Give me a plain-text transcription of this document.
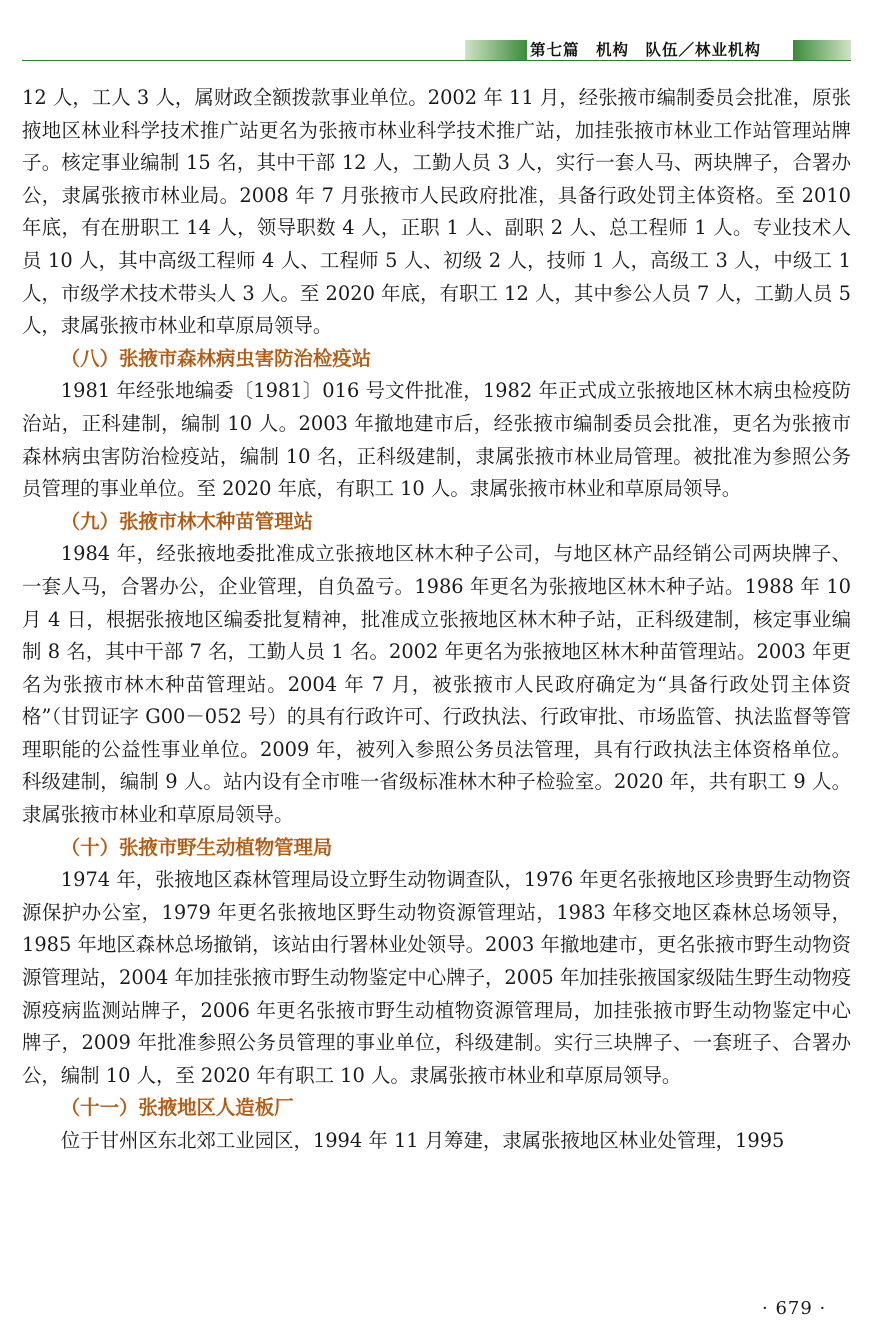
第七篇　机构　队伍／林业机构

12 人，工人 3 人，属财政全额拨款事业单位。2002 年 11 月，经张掖市编制委员会批准，原张掖地区林业科学技术推广站更名为张掖市林业科学技术推广站，加挂张掖市林业工作站管理站牌子。核定事业编制 15 名，其中干部 12 人，工勤人员 3 人，实行一套人马、两块牌子，合署办公，隶属张掖市林业局。2008 年 7 月张掖市人民政府批准，具备行政处罚主体资格。至 2010 年底，有在册职工 14 人，领导职数 4 人，正职 1 人、副职 2 人、总工程师 1 人。专业技术人员 10 人，其中高级工程师 4 人、工程师 5 人、初级 2 人，技师 1 人，高级工 3 人，中级工 1 人，市级学术技术带头人 3 人。至 2020 年底，有职工 12 人，其中参公人员 7 人，工勤人员 5 人，隶属张掖市林业和草原局领导。

（八）张掖市森林病虫害防治检疫站

1981 年经张地编委〔1981〕016 号文件批准，1982 年正式成立张掖地区林木病虫检疫防治站，正科建制，编制 10 人。2003 年撤地建市后，经张掖市编制委员会批准，更名为张掖市森林病虫害防治检疫站，编制 10 名，正科级建制，隶属张掖市林业局管理。被批准为参照公务员管理的事业单位。至 2020 年底，有职工 10 人。隶属张掖市林业和草原局领导。

（九）张掖市林木种苗管理站

1984 年，经张掖地委批准成立张掖地区林木种子公司，与地区林产品经销公司两块牌子、一套人马，合署办公，企业管理，自负盈亏。1986 年更名为张掖地区林木种子站。1988 年 10 月 4 日，根据张掖地区编委批复精神，批准成立张掖地区林木种子站，正科级建制，核定事业编制 8 名，其中干部 7 名，工勤人员 1 名。2002 年更名为张掖地区林木种苗管理站。2003 年更名为张掖市林木种苗管理站。2004 年 7 月，被张掖市人民政府确定为“具备行政处罚主体资格”（甘罚证字 G00－052 号）的具有行政许可、行政执法、行政审批、市场监管、执法监督等管理职能的公益性事业单位。2009 年，被列入参照公务员法管理，具有行政执法主体资格单位。科级建制，编制 9 人。站内设有全市唯一省级标准林木种子检验室。2020 年，共有职工 9 人。隶属张掖市林业和草原局领导。

（十）张掖市野生动植物管理局

1974 年，张掖地区森林管理局设立野生动物调查队，1976 年更名张掖地区珍贵野生动物资源保护办公室，1979 年更名张掖地区野生动物资源管理站，1983 年移交地区森林总场领导，1985 年地区森林总场撤销，该站由行署林业处领导。2003 年撤地建市，更名张掖市野生动物资源管理站，2004 年加挂张掖市野生动物鉴定中心牌子，2005 年加挂张掖国家级陆生野生动物疫源疫病监测站牌子，2006 年更名张掖市野生动植物资源管理局，加挂张掖市野生动物鉴定中心牌子，2009 年批准参照公务员管理的事业单位，科级建制。实行三块牌子、一套班子、合署办公，编制 10 人，至 2020 年有职工 10 人。隶属张掖市林业和草原局领导。

（十一）张掖地区人造板厂

位于甘州区东北郊工业园区，1994 年 11 月筹建，隶属张掖地区林业处管理，1995

· 679 ·
